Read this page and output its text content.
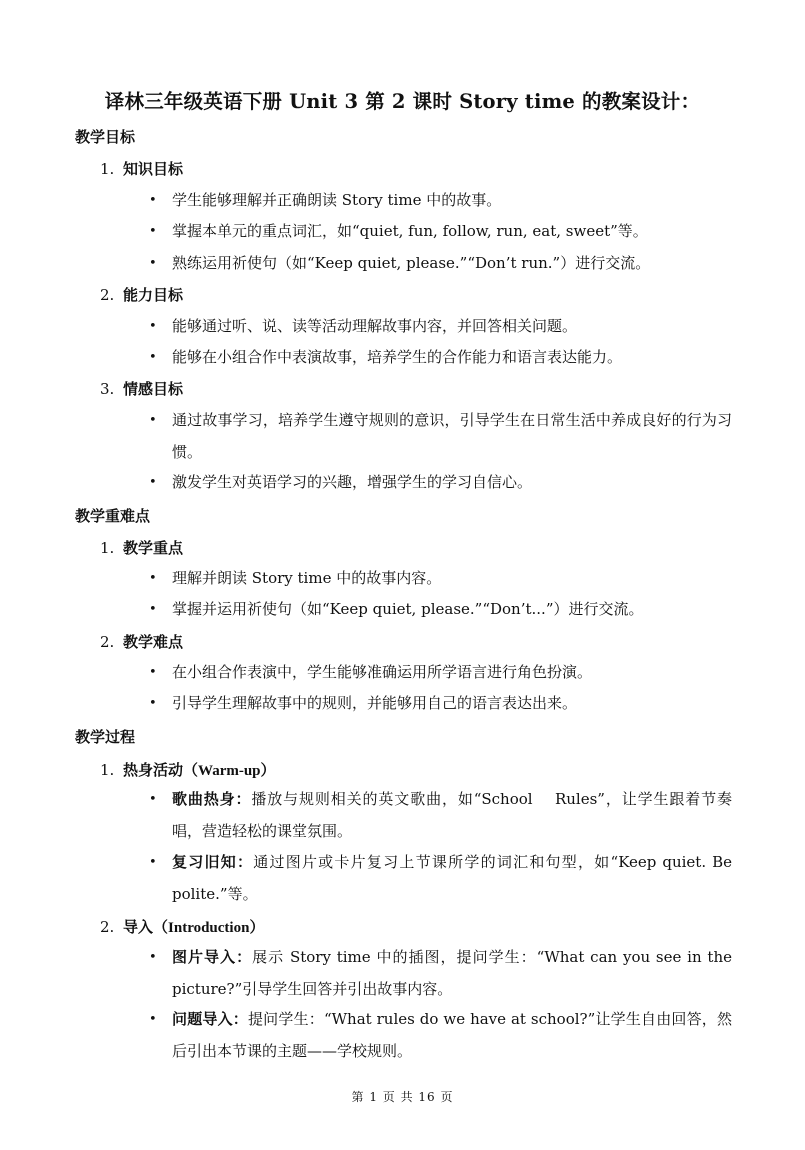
译林三年级英语下册 Unit 3 第 2 课时 Story time 的教案设计：
教学目标
1. 知识目标
• 学生能够理解并正确朗读 Story time 中的故事。
• 掌握本单元的重点词汇，如“quiet, fun, follow, run, eat, sweet”等。
• 熟练运用祈使句（如“Keep quiet, please.”“Don’t run.”）进行交流。
2. 能力目标
• 能够通过听、说、读等活动理解故事内容，并回答相关问题。
• 能够在小组合作中表演故事，培养学生的合作能力和语言表达能力。
3. 情感目标
• 通过故事学习，培养学生遵守规则的意识，引导学生在日常生活中养成良好的行为习惯。
• 激发学生对英语学习的兴趣，增强学生的学习自信心。
教学重难点
1. 教学重点
• 理解并朗读 Story time 中的故事内容。
• 掌握并运用祈使句（如“Keep quiet, please.”“Don’t...”）进行交流。
2. 教学难点
• 在小组合作表演中，学生能够准确运用所学语言进行角色扮演。
• 引导学生理解故事中的规则，并能够用自己的语言表达出来。
教学过程
1. 热身活动（Warm-up）
• 歌曲热身：播放与规则相关的英文歌曲，如“School　 Rules”，让学生跟着节奏唱，营造轻松的课堂氛围。
• 复习旧知：通过图片或卡片复习上节课所学的词汇和句型，如“Keep quiet. Be polite.”等。
2. 导入（Introduction）
• 图片导入：展示 Story time 中的插图，提问学生：“What can you see in the picture?”引导学生回答并引出故事内容。
• 问题导入：提问学生：“What rules do we have at school?”让学生自由回答，然后引出本节课的主题——学校规则。
第 1 页 共 16 页
